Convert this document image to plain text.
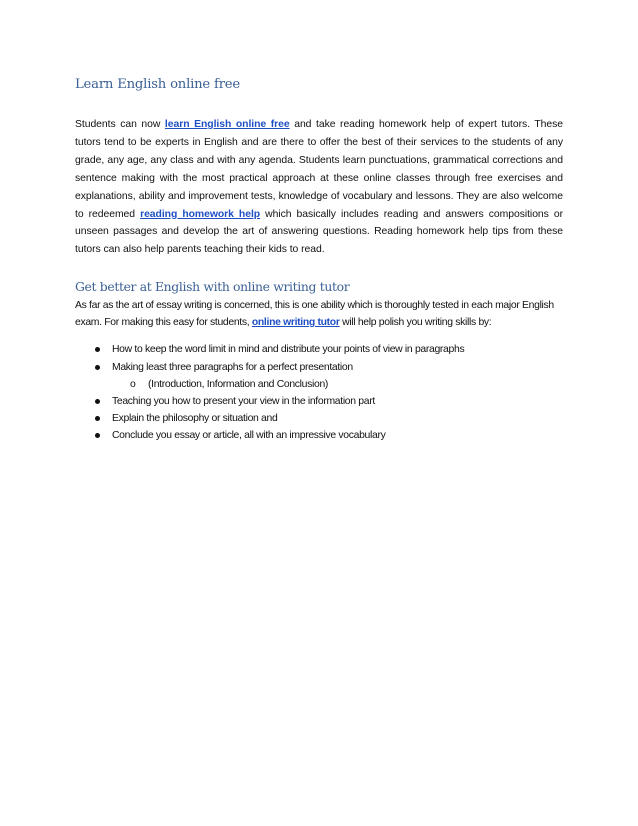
Learn English online free

Students can now learn English online free and take reading homework help of expert tutors. These tutors tend to be experts in English and are there to offer the best of their services to the students of any grade, any age, any class and with any agenda. Students learn punctuations, grammatical corrections and sentence making with the most practical approach at these online classes through free exercises and explanations, ability and improvement tests, knowledge of vocabulary and lessons. They are also welcome to redeemed reading homework help which basically includes reading and answers compositions or unseen passages and develop the art of answering questions. Reading homework help tips from these tutors can also help parents teaching their kids to read.

Get better at English with online writing tutor

As far as the art of essay writing is concerned, this is one ability which is thoroughly tested in each major English exam. For making this easy for students, online writing tutor will help polish you writing skills by:

How to keep the word limit in mind and distribute your points of view in paragraphs
Making least three paragraphs for a perfect presentation
o (Introduction, Information and Conclusion)
Teaching you how to present your view in the information part
Explain the philosophy or situation and
Conclude you essay or article, all with an impressive vocabulary
